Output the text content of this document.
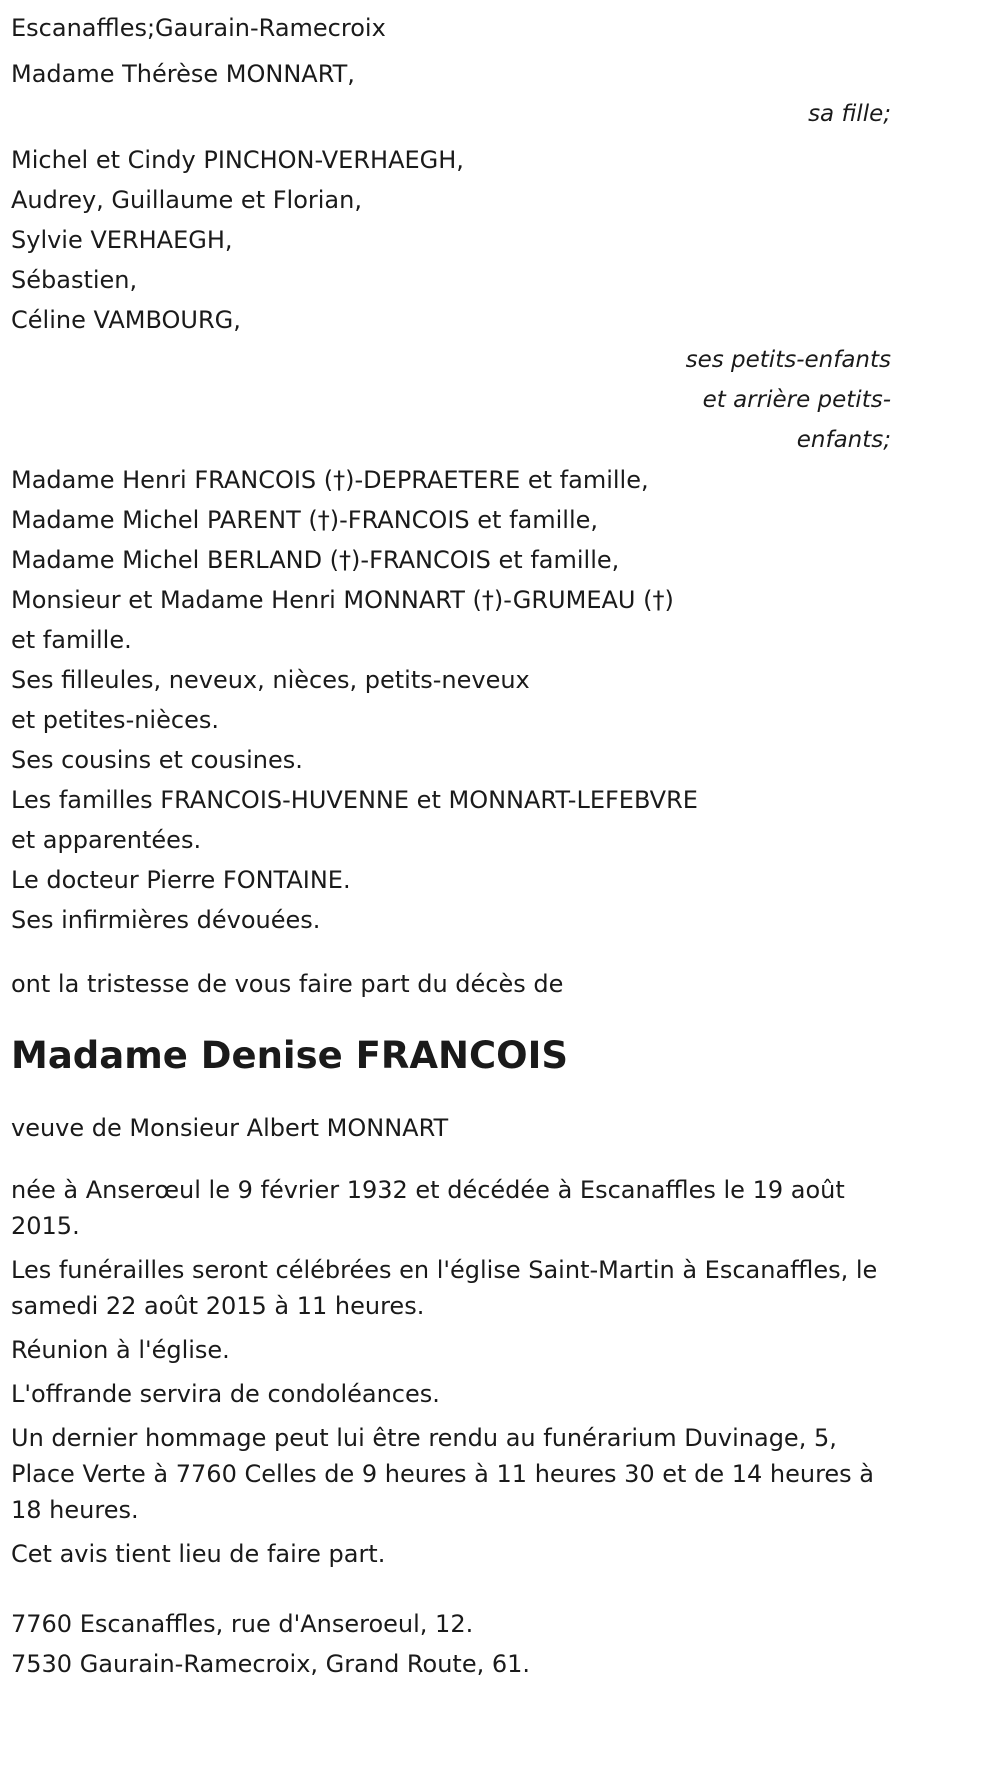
Escanaffles;Gaurain-Ramecroix
Madame Thérèse MONNART,
sa fille;
Michel et Cindy PINCHON-VERHAEGH,
Audrey, Guillaume et Florian,
Sylvie VERHAEGH,
Sébastien,
Céline VAMBOURG,
ses petits-enfants
et arrière petits-
enfants;
Madame Henri FRANCOIS (†)-DEPRAETERE et famille,
Madame Michel PARENT (†)-FRANCOIS et famille,
Madame Michel BERLAND (†)-FRANCOIS et famille,
Monsieur et Madame Henri MONNART (†)-GRUMEAU (†)
et famille.
Ses filleules, neveux, nièces, petits-neveux
et petites-nièces.
Ses cousins et cousines.
Les familles FRANCOIS-HUVENNE et MONNART-LEFEBVRE
et apparentées.
Le docteur Pierre FONTAINE.
Ses infirmières dévouées.
ont la tristesse de vous faire part du décès de
Madame Denise FRANCOIS
veuve de Monsieur Albert MONNART
née à Anserœul le 9 février 1932 et décédée à Escanaffles le 19 août 2015.
Les funérailles seront célébrées en l'église Saint-Martin à Escanaffles, le samedi 22 août 2015 à 11 heures.
Réunion à l'église.
L'offrande servira de condoléances.
Un dernier hommage peut lui être rendu au funérarium Duvinage, 5, Place Verte à 7760 Celles de 9 heures à 11 heures 30 et de 14 heures à 18 heures.
Cet avis tient lieu de faire part.
7760 Escanaffles, rue d'Anseroeul, 12.
7530 Gaurain-Ramecroix, Grand Route, 61.
